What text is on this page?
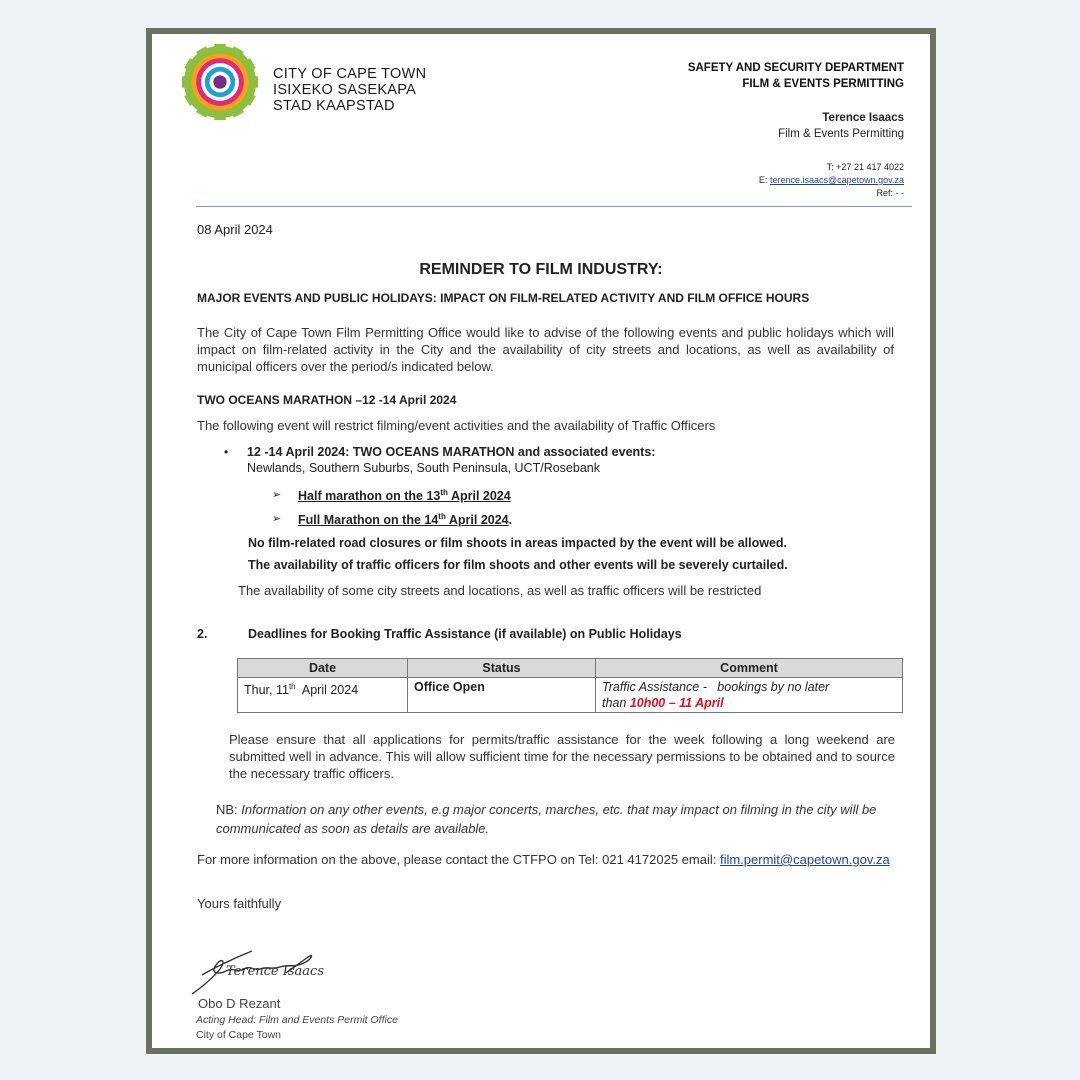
CITY OF CAPE TOWN
ISIXEKO SASEKAPA
STAD KAAPSTAD
SAFETY AND SECURITY DEPARTMENT
FILM & EVENTS PERMITTING
Terence Isaacs
Film & Events Permitting
T: +27 21 417 4022
E: terence.isaacs@capetown.gov.za
Ref: - -
08 April 2024
REMINDER TO FILM INDUSTRY:
MAJOR EVENTS AND PUBLIC HOLIDAYS: IMPACT ON FILM-RELATED ACTIVITY AND FILM OFFICE HOURS

The City of Cape Town Film Permitting Office would like to advise of the following events and public holidays which will impact on film-related activity in the City and the availability of city streets and locations, as well as availability of municipal officers over the period/s indicated below.

TWO OCEANS MARATHON –12 -14 April 2024
The following event will restrict filming/event activities and the availability of Traffic Officers
• 12 -14 April 2024: TWO OCEANS MARATHON and associated events:
Newlands, Southern Suburbs, South Peninsula, UCT/Rosebank
➢ Half marathon on the 13th April 2024
➢ Full Marathon on the 14th April 2024.
No film-related road closures or film shoots in areas impacted by the event will be allowed.
The availability of traffic officers for film shoots and other events will be severely curtailed.
The availability of some city streets and locations, as well as traffic officers will be restricted
2.	Deadlines for Booking Traffic Assistance (if available) on Public Holidays
Date	Status	Comment
Thur, 11th  April 2024	Office Open	Traffic Assistance -   bookings by no later
than 10h00 – 11 April

Please ensure that all applications for permits/traffic assistance for the week following a long weekend are submitted well in advance. This will allow sufficient time for the necessary permissions to be obtained and to source the necessary traffic officers.

NB: Information on any other events, e.g major concerts, marches, etc. that may impact on filming in the city will be communicated as soon as details are available.

For more information on the above, please contact the CTFPO on Tel: 021 4172025 email: film.permit@capetown.gov.za

Yours faithfully
Terence Isaacs
Obo D Rezant
Acting Head: Film and Events Permit Office
City of Cape Town
